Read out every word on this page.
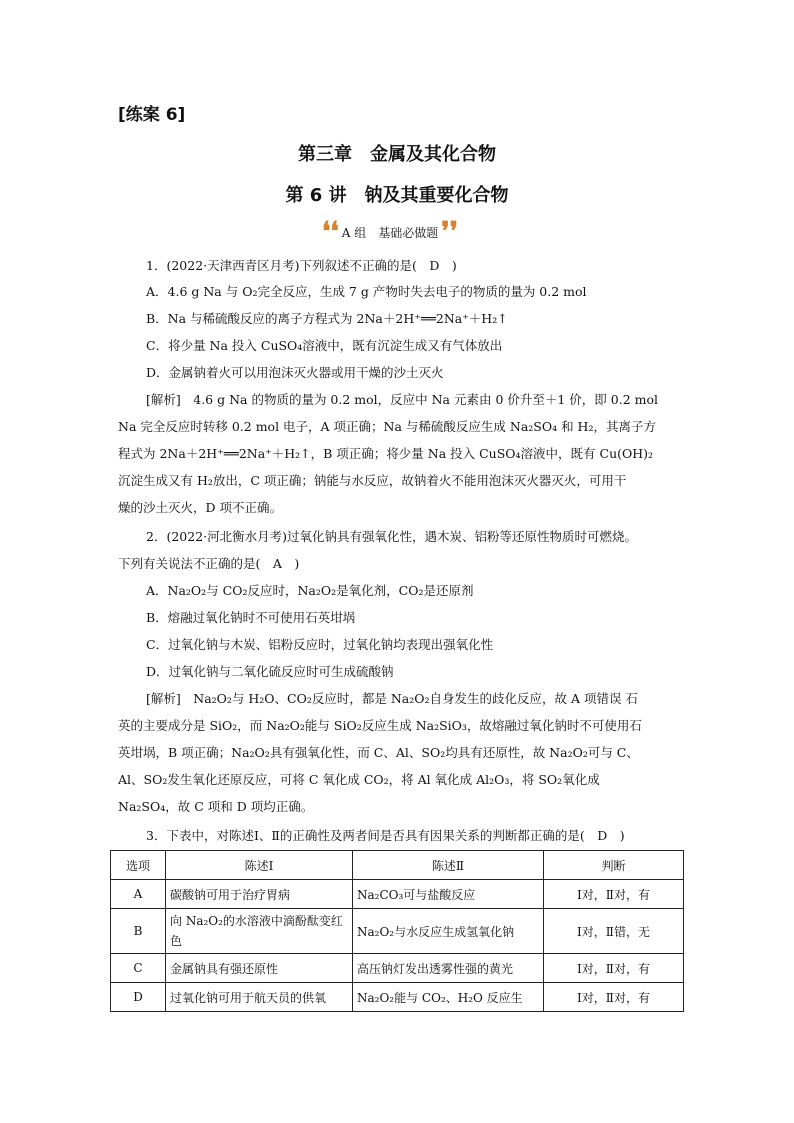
[练案 6]
第三章　金属及其化合物
第 6 讲　钠及其重要化合物
❛❛ A 组　基础必做题 ❜❜
1．(2022·天津西青区月考)下列叙述不正确的是(　D　)
A．4.6 g Na 与 O₂完全反应，生成 7 g 产物时失去电子的物质的量为 0.2 mol
B．Na 与稀硫酸反应的离子方程式为 2Na＋2H⁺══2Na⁺＋H₂↑
C．将少量 Na 投入 CuSO₄溶液中，既有沉淀生成又有气体放出
D．金属钠着火可以用泡沫灭火器或用干燥的沙土灭火
[解析]　4.6 g Na 的物质的量为 0.2 mol，反应中 Na 元素由 0 价升至＋1 价，即 0.2 mol
Na 完全反应时转移 0.2 mol 电子，A 项正确；Na 与稀硫酸反应生成 Na₂SO₄ 和 H₂，其离子方
程式为 2Na＋2H⁺══2Na⁺＋H₂↑，B 项正确；将少量 Na 投入 CuSO₄溶液中，既有 Cu(OH)₂
沉淀生成又有 H₂放出，C 项正确；钠能与水反应，故钠着火不能用泡沫灭火器灭火，可用干
燥的沙土灭火，D 项不正确。
2．(2022·河北衡水月考)过氧化钠具有强氧化性，遇木炭、铝粉等还原性物质时可燃烧。
下列有关说法不正确的是(　A　)
A．Na₂O₂与 CO₂反应时，Na₂O₂是氧化剂，CO₂是还原剂
B．熔融过氧化钠时不可使用石英坩埚
C．过氧化钠与木炭、铝粉反应时，过氧化钠均表现出强氧化性
D．过氧化钠与二氧化硫反应时可生成硫酸钠
[解析]　Na₂O₂与 H₂O、CO₂反应时，都是 Na₂O₂自身发生的歧化反应，故 A 项错误 石
英的主要成分是 SiO₂，而 Na₂O₂能与 SiO₂反应生成 Na₂SiO₃，故熔融过氧化钠时不可使用石
英坩埚，B 项正确；Na₂O₂具有强氧化性，而 C、Al、SO₂均具有还原性，故 Na₂O₂可与 C、
Al、SO₂发生氧化还原反应，可将 C 氧化成 CO₂，将 Al 氧化成 Al₂O₃，将 SO₂氧化成
Na₂SO₄，故 C 项和 D 项均正确。
3．下表中，对陈述Ⅰ、Ⅱ的正确性及两者间是否具有因果关系的判断都正确的是(　D　)
选项	陈述Ⅰ	陈述Ⅱ	判断
A	碳酸钠可用于治疗胃病	Na₂CO₃可与盐酸反应	Ⅰ对，Ⅱ对，有
B	向 Na₂O₂的水溶液中滴酚酞变红色	Na₂O₂与水反应生成氢氧化钠	Ⅰ对，Ⅱ错，无
C	金属钠具有强还原性	高压钠灯发出透雾性强的黄光	Ⅰ对，Ⅱ对，有
D	过氧化钠可用于航天员的供氧	Na₂O₂能与 CO₂、H₂O 反应生	Ⅰ对，Ⅱ对，有
